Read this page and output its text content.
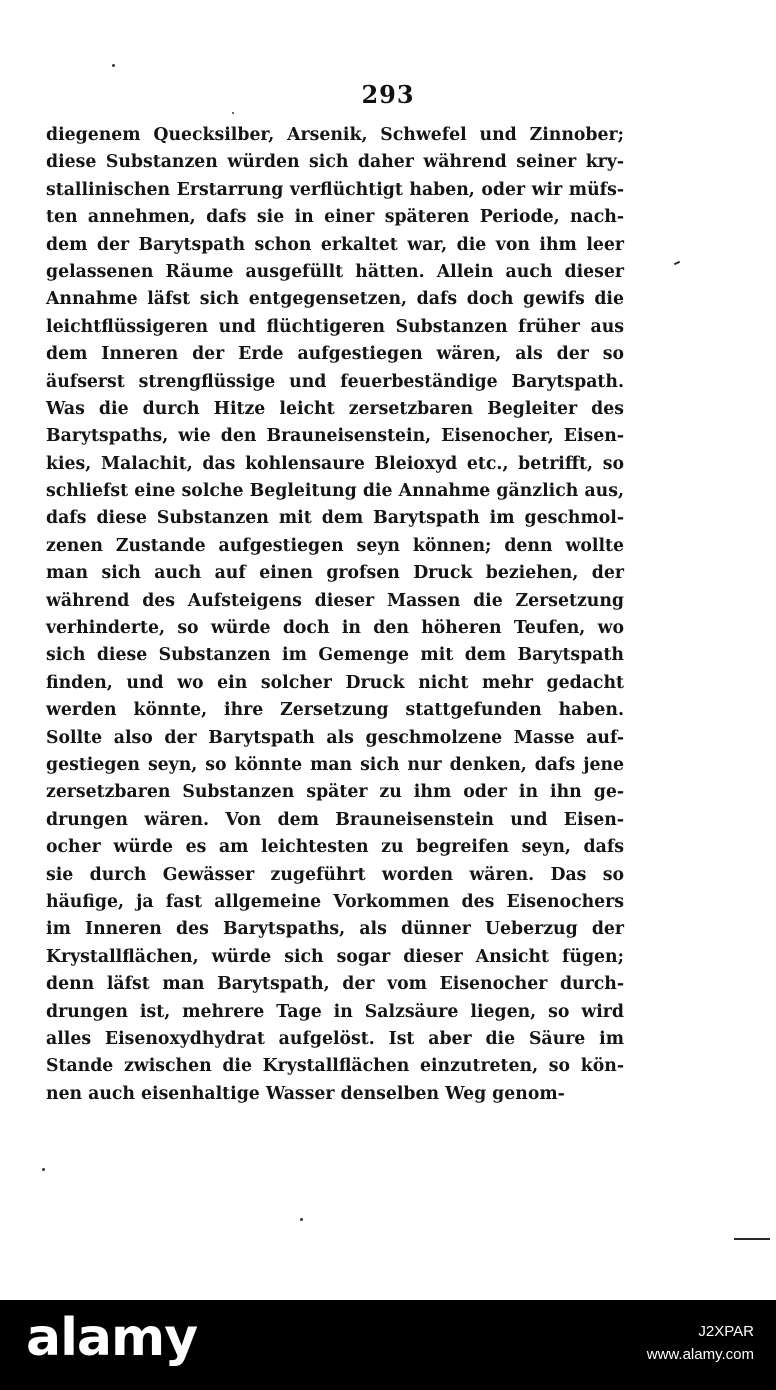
293
diegenem Quecksilber, Arsenik, Schwefel und Zinnober;
diese Substanzen würden sich daher während seiner kry-
stallinischen Erstarrung verflüchtigt haben, oder wir müfs-
ten annehmen, dafs sie in einer späteren Periode, nach-
dem der Barytspath schon erkaltet war, die von ihm leer
gelassenen Räume ausgefüllt hätten. Allein auch dieser
Annahme läfst sich entgegensetzen, dafs doch gewifs die
leichtflüssigeren und flüchtigeren Substanzen früher aus
dem Inneren der Erde aufgestiegen wären, als der so
äufserst strengflüssige und feuerbeständige Barytspath.
Was die durch Hitze leicht zersetzbaren Begleiter des
Barytspaths, wie den Brauneisenstein, Eisenocher, Eisen-
kies, Malachit, das kohlensaure Bleioxyd etc., betrifft, so
schliefst eine solche Begleitung die Annahme gänzlich aus,
dafs diese Substanzen mit dem Barytspath im geschmol-
zenen Zustande aufgestiegen seyn können; denn wollte
man sich auch auf einen grofsen Druck beziehen, der
während des Aufsteigens dieser Massen die Zersetzung
verhinderte, so würde doch in den höheren Teufen, wo
sich diese Substanzen im Gemenge mit dem Barytspath
finden, und wo ein solcher Druck nicht mehr gedacht
werden könnte, ihre Zersetzung stattgefunden haben.
Sollte also der Barytspath als geschmolzene Masse auf-
gestiegen seyn, so könnte man sich nur denken, dafs jene
zersetzbaren Substanzen später zu ihm oder in ihn ge-
drungen wären. Von dem Brauneisenstein und Eisen-
ocher würde es am leichtesten zu begreifen seyn, dafs
sie durch Gewässer zugeführt worden wären. Das so
häufige, ja fast allgemeine Vorkommen des Eisenochers
im Inneren des Barytspaths, als dünner Ueberzug der
Krystallflächen, würde sich sogar dieser Ansicht fügen;
denn läfst man Barytspath, der vom Eisenocher durch-
drungen ist, mehrere Tage in Salzsäure liegen, so wird
alles Eisenoxydhydrat aufgelöst. Ist aber die Säure im
Stande zwischen die Krystallflächen einzutreten, so kön-
nen auch eisenhaltige Wasser denselben Weg genom-
alamy	J2XPAR
www.alamy.com
